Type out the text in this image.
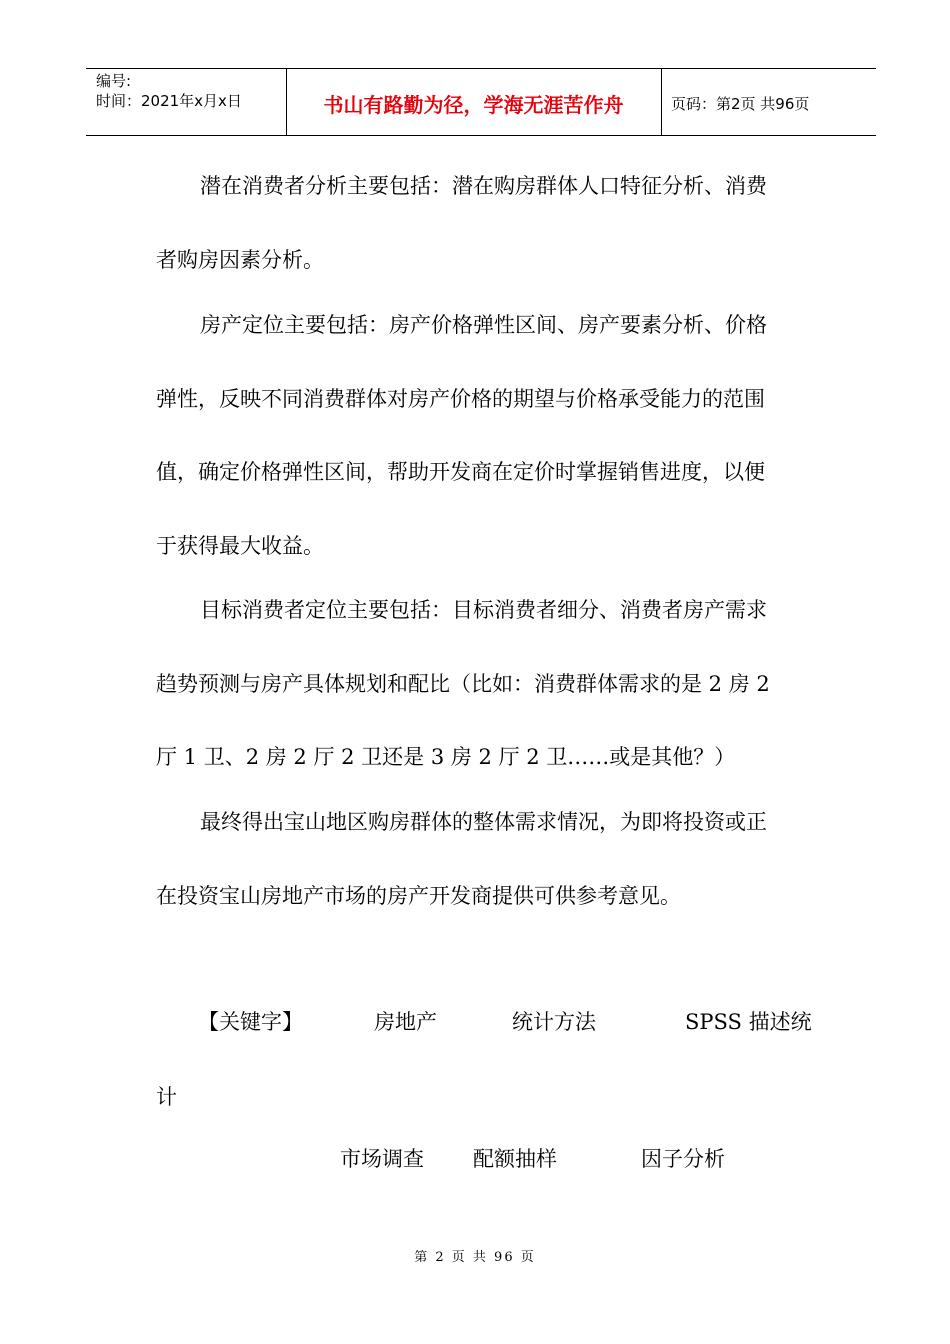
编号:
时间：2021年x月x日	书山有路勤为径，学海无涯苦作舟	页码：第2页 共96页
潜在消费者分析主要包括：潜在购房群体人口特征分析、消费
者购房因素分析。
房产定位主要包括：房产价格弹性区间、房产要素分析、价格
弹性，反映不同消费群体对房产价格的期望与价格承受能力的范围
值，确定价格弹性区间，帮助开发商在定价时掌握销售进度，以便
于获得最大收益。
目标消费者定位主要包括：目标消费者细分、消费者房产需求
趋势预测与房产具体规划和配比（比如：消费群体需求的是 2 房 2
厅 1 卫、2 房 2 厅 2 卫还是 3 房 2 厅 2 卫……或是其他？）
最终得出宝山地区购房群体的整体需求情况，为即将投资或正
在投资宝山房地产市场的房产开发商提供可供参考意见。
【关键字】	房地产	统计方法	SPSS 描述统
计
市场调查 配额抽样	因子分析
第 2 页 共 96 页
